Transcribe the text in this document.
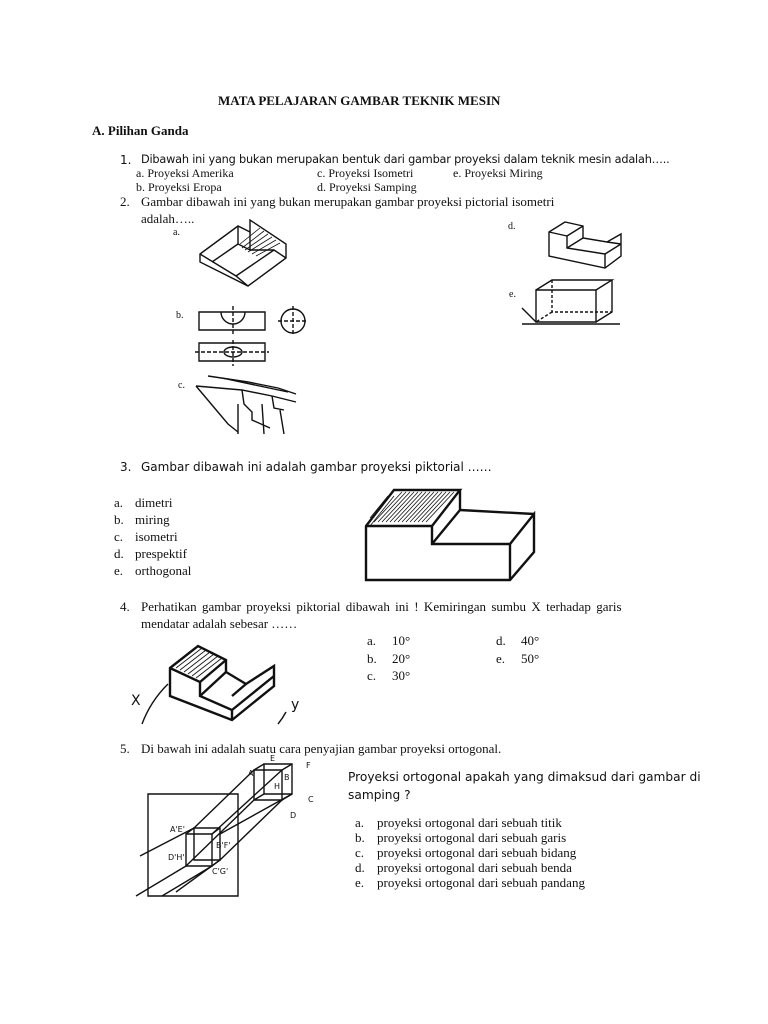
MATA PELAJARAN GAMBAR TEKNIK MESIN
A. Pilihan Ganda
1. Dibawah ini yang bukan merupakan bentuk dari gambar proyeksi dalam teknik mesin adalah…..
a. Proyeksi Amerika
b. Proyeksi Eropa
c. Proyeksi Isometri
d. Proyeksi Samping
e. Proyeksi Miring
2. Gambar dibawah ini yang bukan merupakan gambar proyeksi pictorial isometri
adalah…..
a.
b.
c.
d.
e.
3. Gambar dibawah ini adalah gambar proyeksi piktorial ……
a. dimetri
b. miring
c. isometri
d. prespektif
e. orthogonal
4. Perhatikan gambar proyeksi piktorial dibawah ini ! Kemiringan sumbu X terhadap garis
mendatar adalah sebesar ……
a. 10°
b. 20°
c. 30°
d. 40°
e. 50°
X	y
5. Di bawah ini adalah suatu cara penyajian gambar proyeksi ortogonal.
Proyeksi ortogonal apakah yang dimaksud dari gambar di
samping ?
a. proyeksi ortogonal dari sebuah titik
b. proyeksi ortogonal dari sebuah garis
c. proyeksi ortogonal dari sebuah bidang
d. proyeksi ortogonal dari sebuah benda
e. proyeksi ortogonal dari sebuah pandang
E
F
A	B
H
C
D
A'E'
B'F'
D'H'
C'G'
